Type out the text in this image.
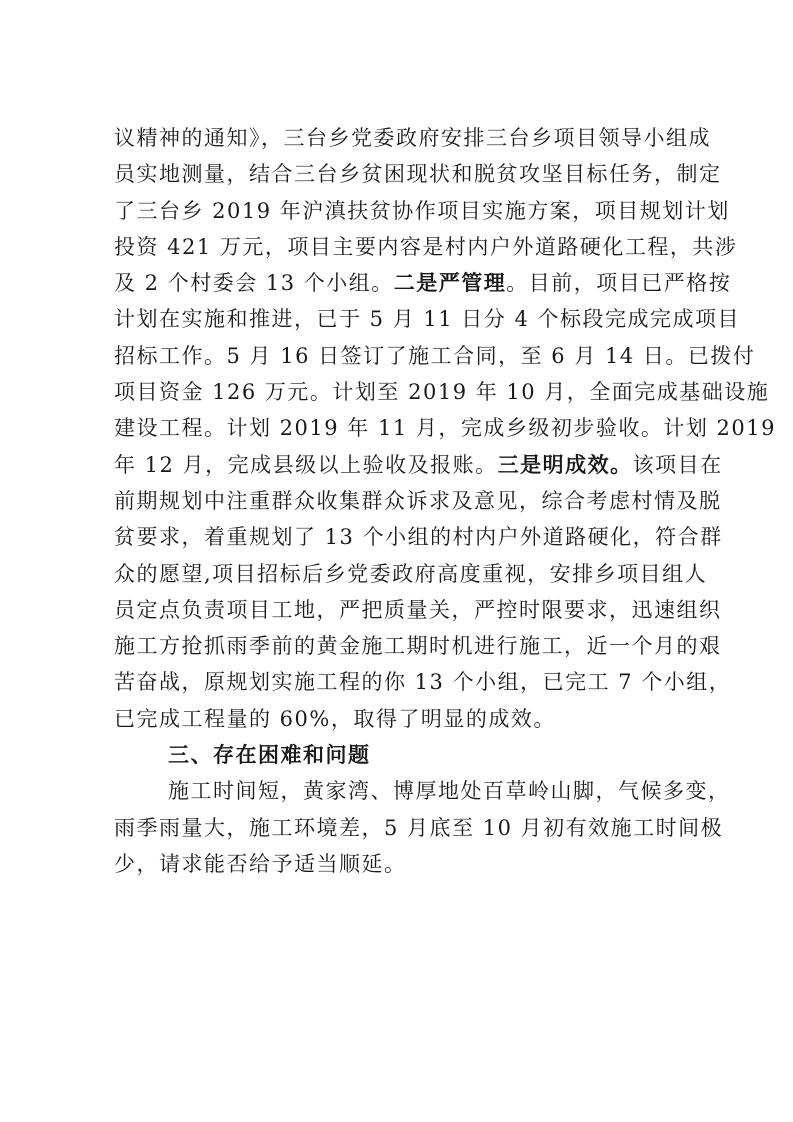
议精神的通知》，三台乡党委政府安排三台乡项目领导小组成
员实地测量，结合三台乡贫困现状和脱贫攻坚目标任务，制定
了三台乡 2019 年沪滇扶贫协作项目实施方案，项目规划计划
投资 421 万元，项目主要内容是村内户外道路硬化工程，共涉
及 2 个村委会 13 个小组。二是严管理。目前，项目已严格按
计划在实施和推进，已于 5 月 11 日分 4 个标段完成完成项目
招标工作。5 月 16 日签订了施工合同，至 6 月 14 日。已拨付
项目资金 126 万元。计划至 2019 年 10 月，全面完成基础设施
建设工程。计划 2019 年 11 月，完成乡级初步验收。计划 2019
年 12 月，完成县级以上验收及报账。三是明成效。该项目在
前期规划中注重群众收集群众诉求及意见，综合考虑村情及脱
贫要求，着重规划了 13 个小组的村内户外道路硬化，符合群
众的愿望,项目招标后乡党委政府高度重视，安排乡项目组人
员定点负责项目工地，严把质量关，严控时限要求，迅速组织
施工方抢抓雨季前的黄金施工期时机进行施工，近一个月的艰
苦奋战，原规划实施工程的你 13 个小组，已完工 7 个小组，
已完成工程量的 60%，取得了明显的成效。
三、存在困难和问题
施工时间短，黄家湾、博厚地处百草岭山脚，气候多变，
雨季雨量大，施工环境差，5 月底至 10 月初有效施工时间极
少，请求能否给予适当顺延。
